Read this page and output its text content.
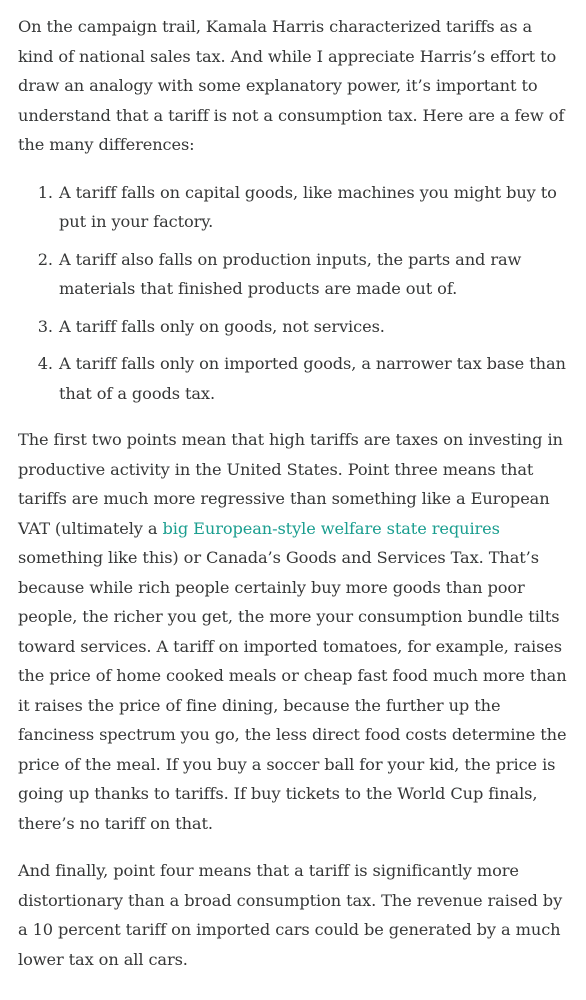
On the campaign trail, Kamala Harris characterized tariffs as a kind of national sales tax. And while I appreciate Harris’s effort to draw an analogy with some explanatory power, it’s important to understand that a tariff is not a consumption tax. Here are a few of the many differences:

1. A tariff falls on capital goods, like machines you might buy to put in your factory.
2. A tariff also falls on production inputs, the parts and raw materials that finished products are made out of.
3. A tariff falls only on goods, not services.
4. A tariff falls only on imported goods, a narrower tax base than that of a goods tax.

The first two points mean that high tariffs are taxes on investing in productive activity in the United States. Point three means that tariffs are much more regressive than something like a European VAT (ultimately a big European-style welfare state requires something like this) or Canada’s Goods and Services Tax. That’s because while rich people certainly buy more goods than poor people, the richer you get, the more your consumption bundle tilts toward services. A tariff on imported tomatoes, for example, raises the price of home cooked meals or cheap fast food much more than it raises the price of fine dining, because the further up the fanciness spectrum you go, the less direct food costs determine the price of the meal. If you buy a soccer ball for your kid, the price is going up thanks to tariffs. If buy tickets to the World Cup finals, there’s no tariff on that.

And finally, point four means that a tariff is significantly more distortionary than a broad consumption tax. The revenue raised by a 10 percent tariff on imported cars could be generated by a much lower tax on all cars.
